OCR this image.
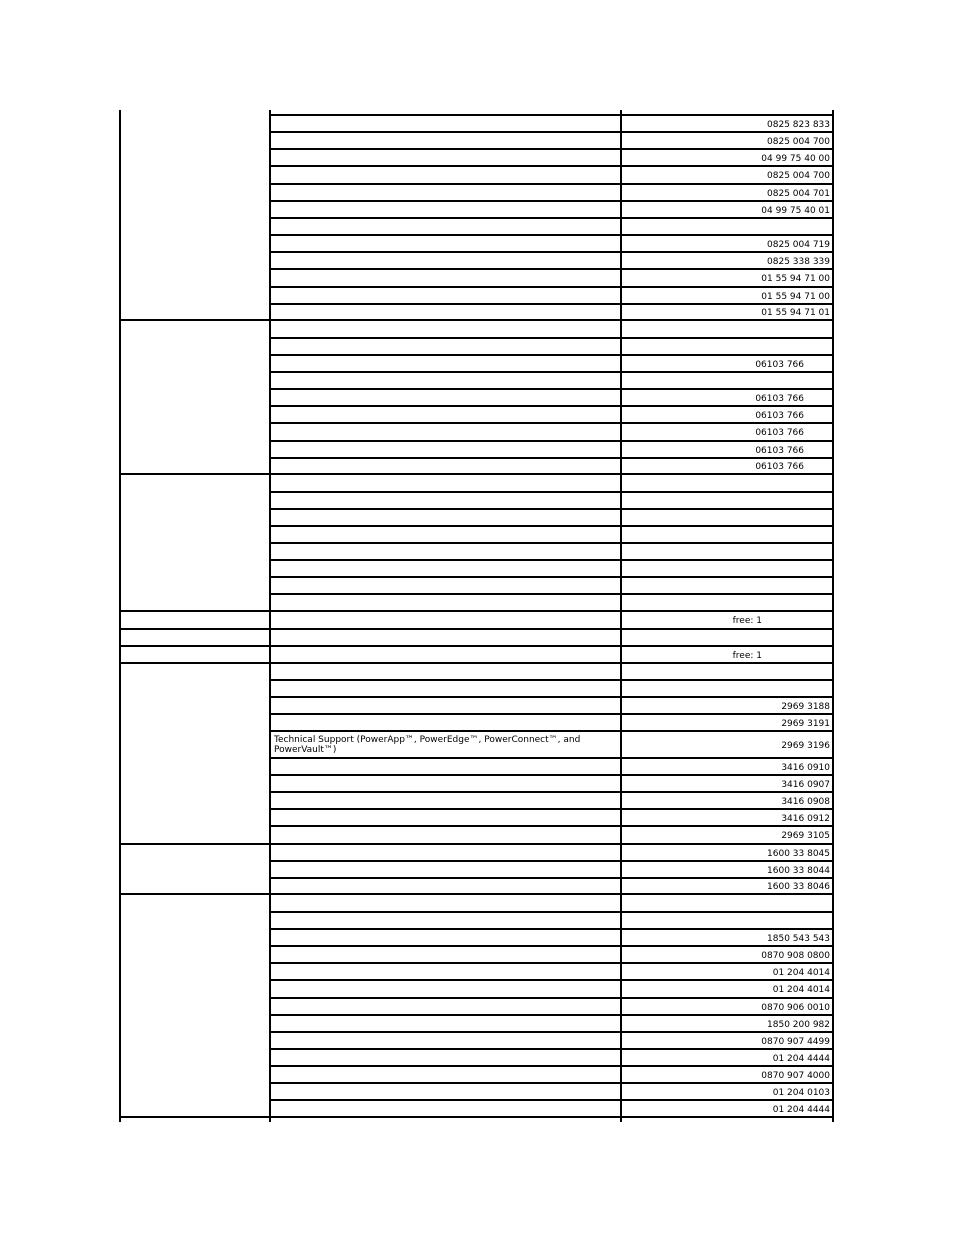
0825 823 833
0825 004 700
04 99 75 40 00
0825 004 700
0825 004 701
04 99 75 40 01
0825 004 719
0825 338 339
01 55 94 71 00
01 55 94 71 00
01 55 94 71 01
06103 766
06103 766
06103 766
06103 766
06103 766
06103 766
free: 1
free: 1
2969 3188
2969 3191
Technical Support (PowerApp™, PowerEdge™, PowerConnect™, and PowerVault™)	2969 3196
3416 0910
3416 0907
3416 0908
3416 0912
2969 3105
1600 33 8045
1600 33 8044
1600 33 8046
1850 543 543
0870 908 0800
01 204 4014
01 204 4014
0870 906 0010
1850 200 982
0870 907 4499
01 204 4444
0870 907 4000
01 204 0103
01 204 4444
